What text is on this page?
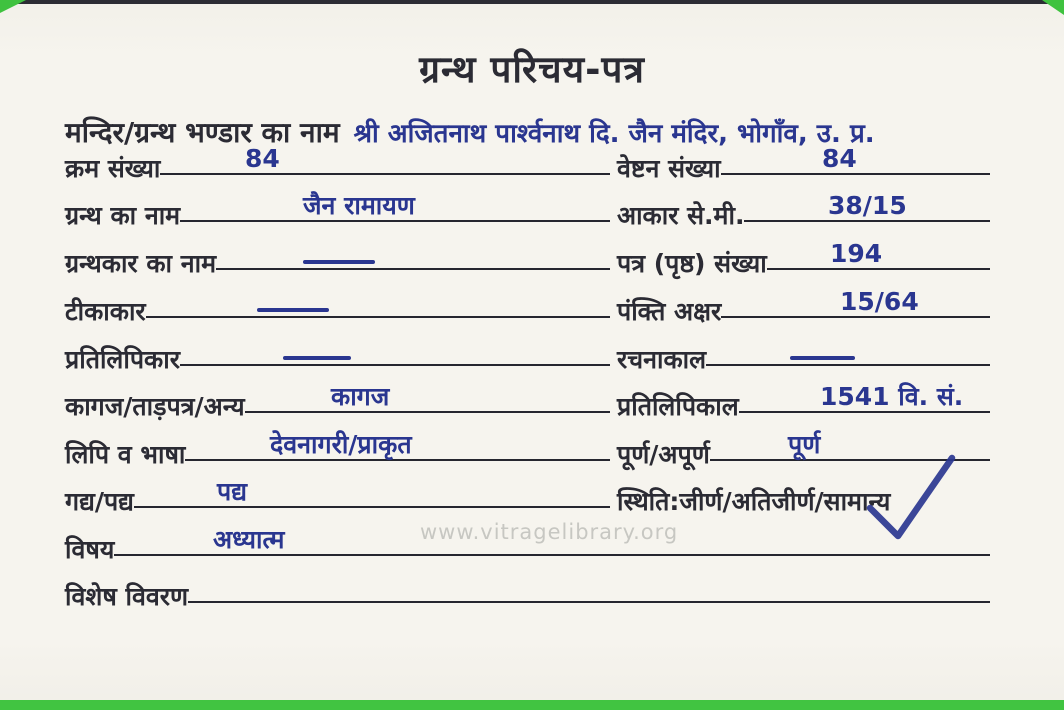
ग्रन्थ परिचय-पत्र
मन्दिर/ग्रन्थ भण्डार का नाम श्री अजितनाथ पार्श्वनाथ दि. जैन मंदिर, भोगाँव, उ. प्र.
क्रम संख्या	84
ग्रन्थ का नाम	जैन रामायण
ग्रन्थकार का नाम
टीकाकार
प्रतिलिपिकार
कागज/ताड़पत्र/अन्य	कागज
लिपि व भाषा	देवनागरी/प्राकृत
गद्य/पद्य	पद्य
विषय	अध्यात्म
विशेष विवरण
वेष्टन संख्या	84
आकार से.मी.	38/15
पत्र (पृष्ठ) संख्या	194
पंक्ति अक्षर	15/64
रचनाकाल
प्रतिलिपिकाल	1541 वि. सं.
पूर्ण/अपूर्ण	पूर्ण
स्थिति:जीर्ण/अतिजीर्ण/सामान्य
www.vitragelibrary.org
